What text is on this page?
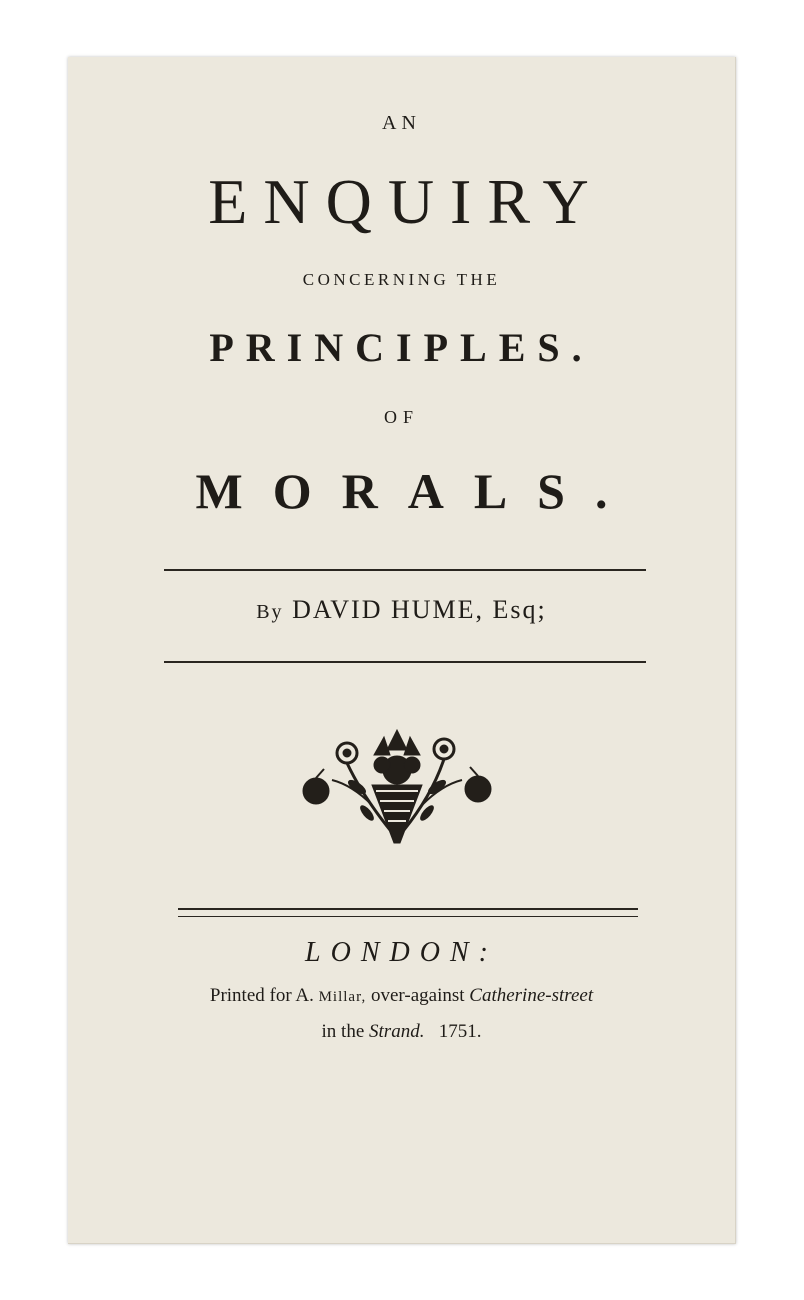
AN
ENQUIRY
CONCERNING THE
PRINCIPLES.
OF
MORALS.
By DAVID HUME, Esq;
LONDON:
Printed for A. Millar, over-against Catherine-street
in the Strand. 1751.
